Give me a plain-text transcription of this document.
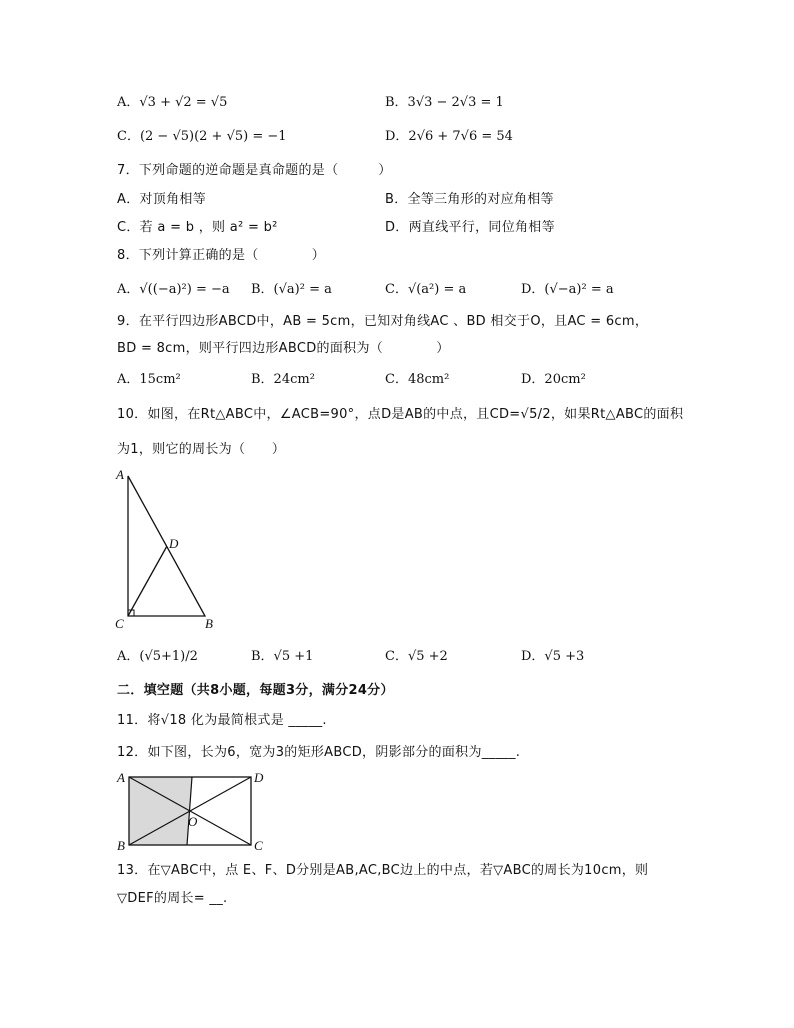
A．√3 + √2 = √5	B．3√3 − 2√3 = 1
C．(2 − √5)(2 + √5) = −1	D．2√6 + 7√6 = 54
7．下列命题的逆命题是真命题的是（　　　）
A．对顶角相等	B．全等三角形的对应角相等
C．若 a = b ，则 a² = b²	D．两直线平行，同位角相等
8．下列计算正确的是（　　　　）
A．√((−a)²) = −a B．(√a)² = a	C．√(a²) = a	D．(√−a)² = a
9．在平行四边形ABCD中，AB = 5cm，已知对角线AC 、BD 相交于O，且AC = 6cm，
BD = 8cm，则平行四边形ABCD的面积为（　　　　）
A．15cm²	B．24cm²	C．48cm²	D．20cm²
10．如图，在Rt△ABC中，∠ACB=90°，点D是AB的中点，且CD=√5/2，如果Rt△ABC的面积
为1，则它的周长为（　　）
A
D
C	B
A．(√5+1)/2	B．√5 +1	C．√5 +2	D．√5 +3
二．填空题（共8小题，每题3分，满分24分）
11．将√18 化为最简根式是 _____.
12．如下图，长为6，宽为3的矩形ABCD，阴影部分的面积为_____.
A	D
B	C
O
13．在▽ABC中，点 E、F、D分别是AB,AC,BC边上的中点，若▽ABC的周长为10cm，则
▽DEF的周长= __.
